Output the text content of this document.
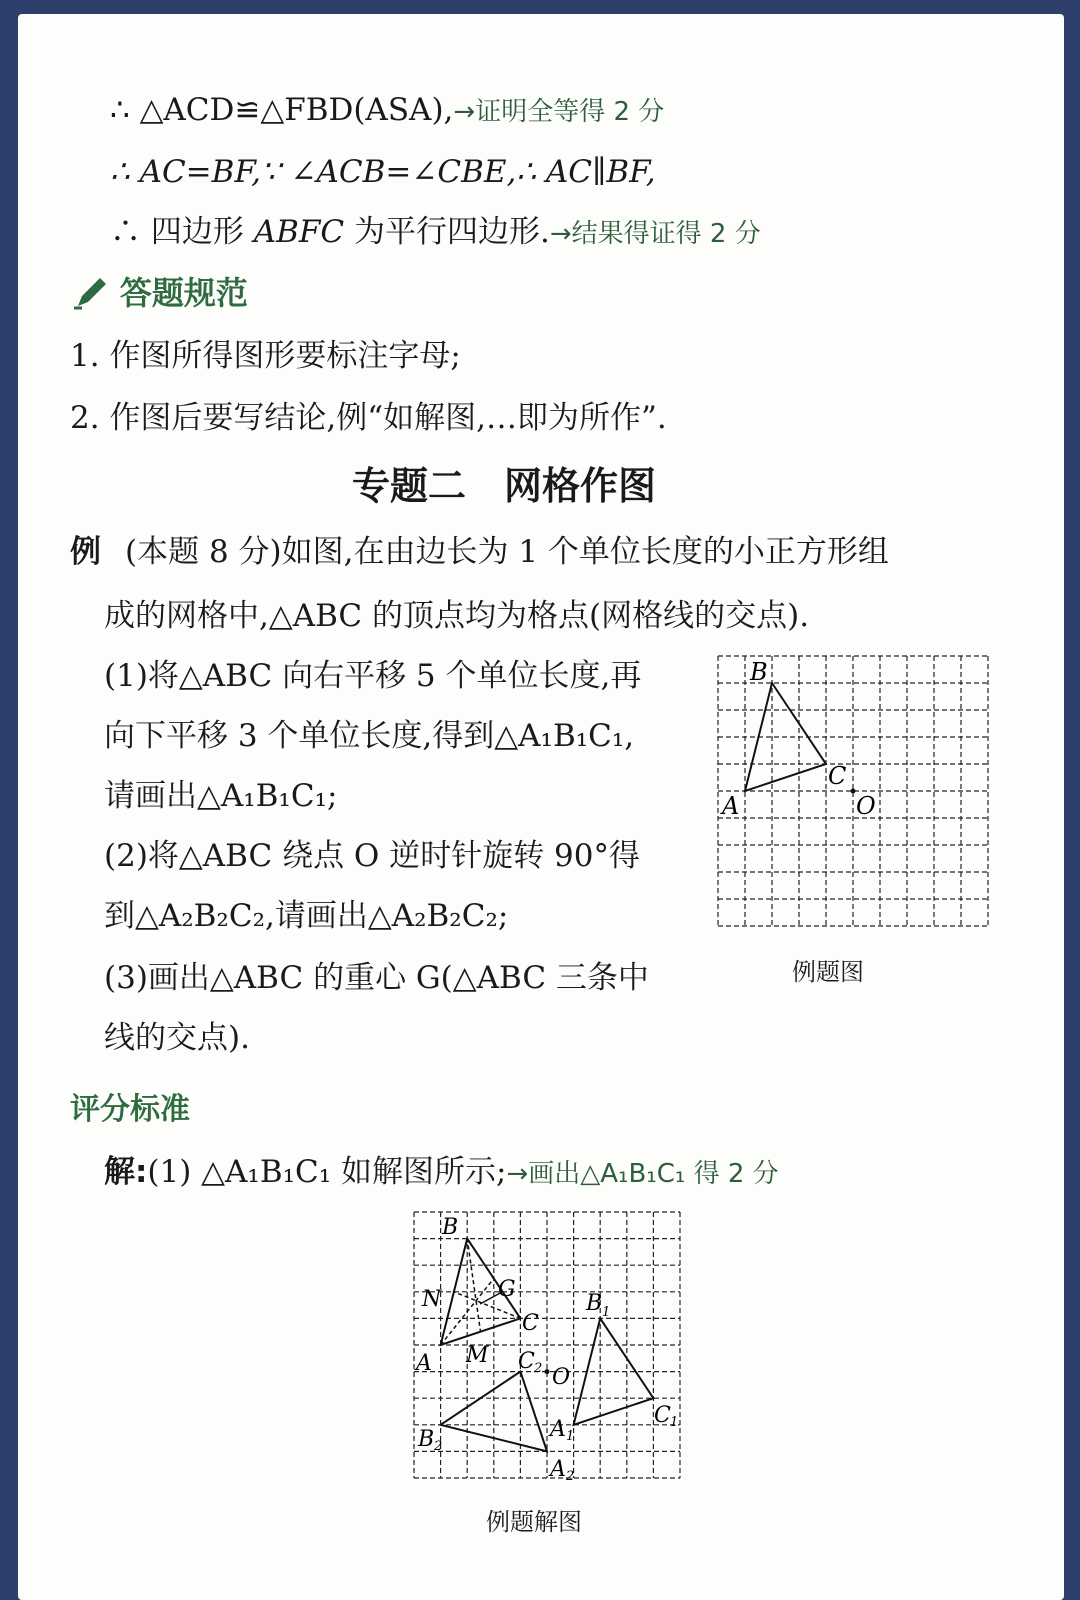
∴ △ACD≌△FBD(ASA),→证明全等得 2 分
∴ AC=BF,∵ ∠ACB=∠CBE,∴ AC∥BF,
∴ 四边形 ABFC 为平行四边形.→结果得证得 2 分
答题规范
1. 作图所得图形要标注字母;
2. 作图后要写结论,例“如解图,…即为所作”.
专题二　网格作图
例 (本题 8 分)如图,在由边长为 1 个单位长度的小正方形组
成的网格中,△ABC 的顶点均为格点(网格线的交点).
(1)将△ABC 向右平移 5 个单位长度,再
向下平移 3 个单位长度,得到△A₁B₁C₁,
请画出△A₁B₁C₁;
(2)将△ABC 绕点 O 逆时针旋转 90°得
到△A₂B₂C₂,请画出△A₂B₂C₂;
(3)画出△ABC 的重心 G(△ABC 三条中
线的交点).
B
A
C
O
例题图
评分标准
解:(1) △A₁B₁C₁ 如解图所示;→画出△A₁B₁C₁ 得 2 分
B
A
C
G
N
M
O
B
C
A
A
B
C
1
1
1
2
2
2
例题解图
